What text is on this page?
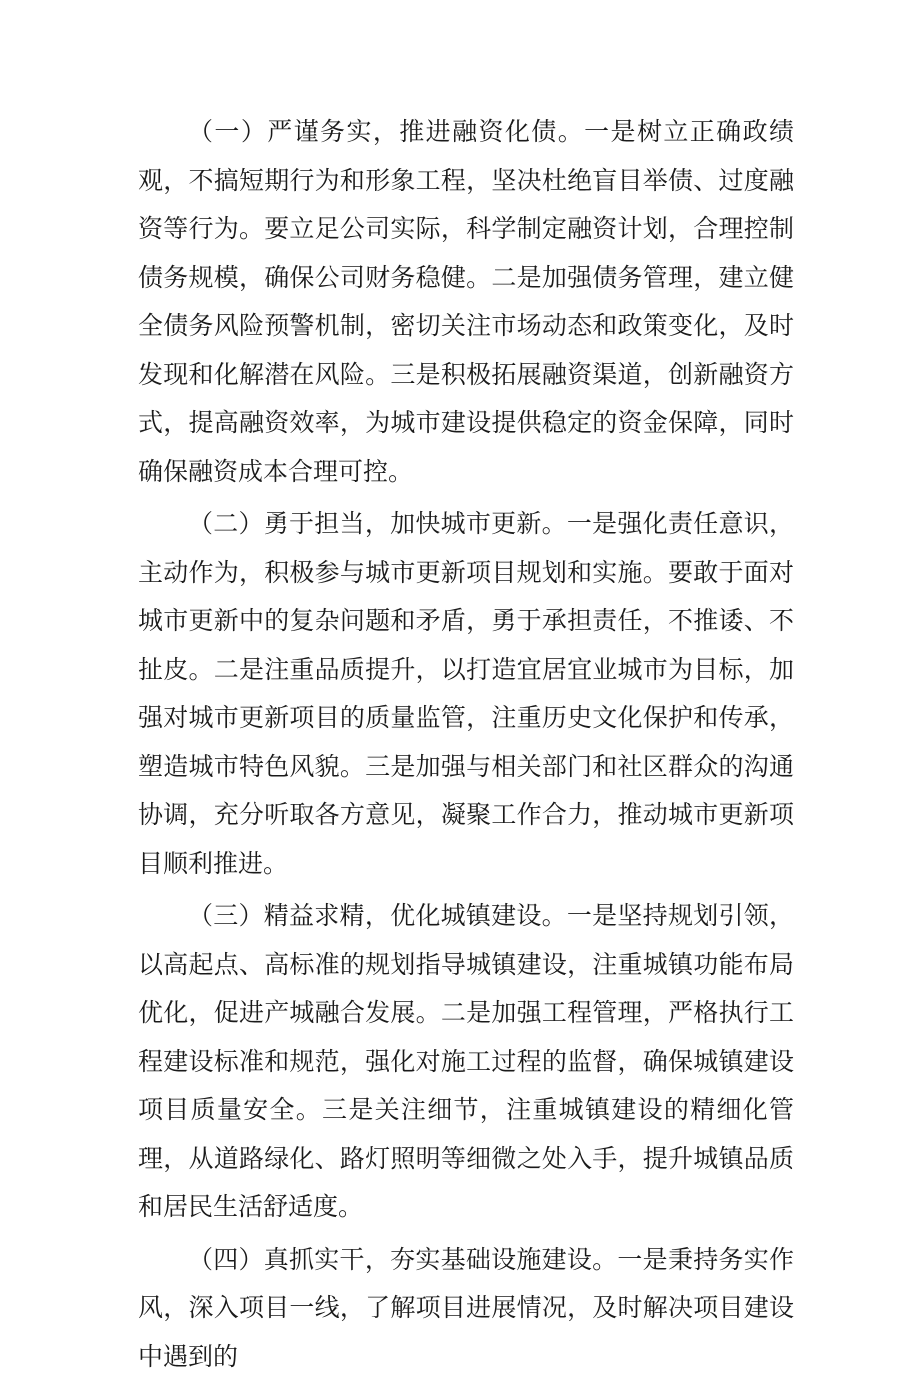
（一）严谨务实，推进融资化债。一是树立正确政绩观，不搞短期行为和形象工程，坚决杜绝盲目举债、过度融资等行为。要立足公司实际，科学制定融资计划，合理控制债务规模，确保公司财务稳健。二是加强债务管理，建立健全债务风险预警机制，密切关注市场动态和政策变化，及时发现和化解潜在风险。三是积极拓展融资渠道，创新融资方式，提高融资效率，为城市建设提供稳定的资金保障，同时确保融资成本合理可控。

（二）勇于担当，加快城市更新。一是强化责任意识，主动作为，积极参与城市更新项目规划和实施。要敢于面对城市更新中的复杂问题和矛盾，勇于承担责任，不推诿、不扯皮。二是注重品质提升，以打造宜居宜业城市为目标，加强对城市更新项目的质量监管，注重历史文化保护和传承，塑造城市特色风貌。三是加强与相关部门和社区群众的沟通协调，充分听取各方意见，凝聚工作合力，推动城市更新项目顺利推进。

（三）精益求精，优化城镇建设。一是坚持规划引领，以高起点、高标准的规划指导城镇建设，注重城镇功能布局优化，促进产城融合发展。二是加强工程管理，严格执行工程建设标准和规范，强化对施工过程的监督，确保城镇建设项目质量安全。三是关注细节，注重城镇建设的精细化管理，从道路绿化、路灯照明等细微之处入手，提升城镇品质和居民生活舒适度。

（四）真抓实干，夯实基础设施建设。一是秉持务实作风，深入项目一线，了解项目进展情况，及时解决项目建设中遇到的
